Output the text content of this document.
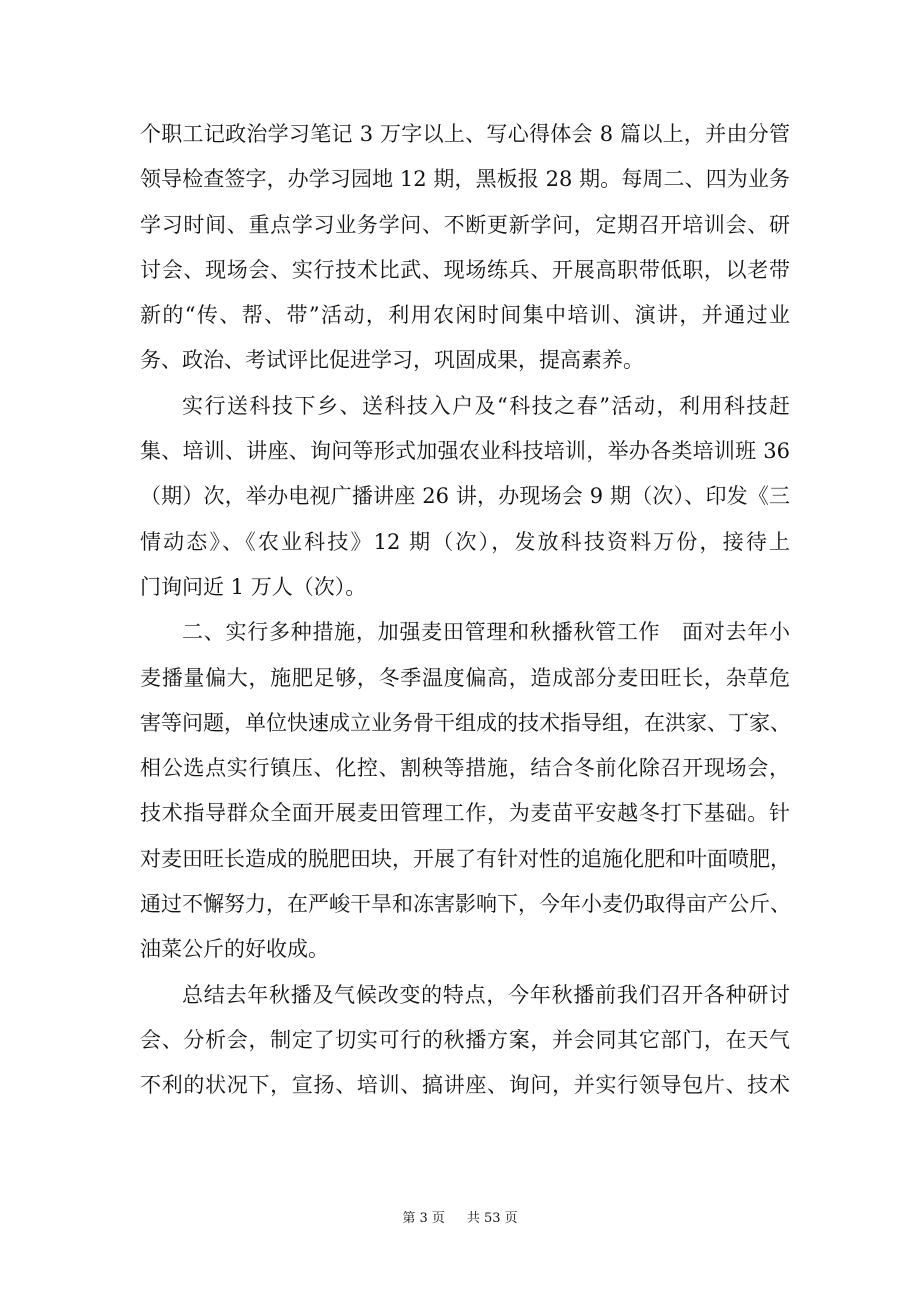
个职工记政治学习笔记 3 万字以上、写心得体会 8 篇以上，并由分管
领导检查签字，办学习园地 12 期，黑板报 28 期。每周二、四为业务
学习时间、重点学习业务学问、不断更新学问，定期召开培训会、研
讨会、现场会、实行技术比武、现场练兵、开展高职带低职，以老带
新的“传、帮、带”活动，利用农闲时间集中培训、演讲，并通过业
务、政治、考试评比促进学习，巩固成果，提高素养。
实行送科技下乡、送科技入户及“科技之春”活动，利用科技赶
集、培训、讲座、询问等形式加强农业科技培训，举办各类培训班 36
（期）次，举办电视广播讲座 26 讲，办现场会 9 期（次）、印发《三
情动态》、《农业科技》12 期（次），发放科技资料万份，接待上
门询问近 1 万人（次）。
二、实行多种措施，加强麦田管理和秋播秋管工作　面对去年小
麦播量偏大，施肥足够，冬季温度偏高，造成部分麦田旺长，杂草危
害等问题，单位快速成立业务骨干组成的技术指导组，在洪家、丁家、
相公选点实行镇压、化控、割秧等措施，结合冬前化除召开现场会，
技术指导群众全面开展麦田管理工作，为麦苗平安越冬打下基础。针
对麦田旺长造成的脱肥田块，开展了有针对性的追施化肥和叶面喷肥，
通过不懈努力，在严峻干旱和冻害影响下，今年小麦仍取得亩产公斤、
油菜公斤的好收成。
总结去年秋播及气候改变的特点，今年秋播前我们召开各种研讨
会、分析会，制定了切实可行的秋播方案，并会同其它部门，在天气
不利的状况下，宣扬、培训、搞讲座、询问，并实行领导包片、技术
第 3 页 共 53 页
